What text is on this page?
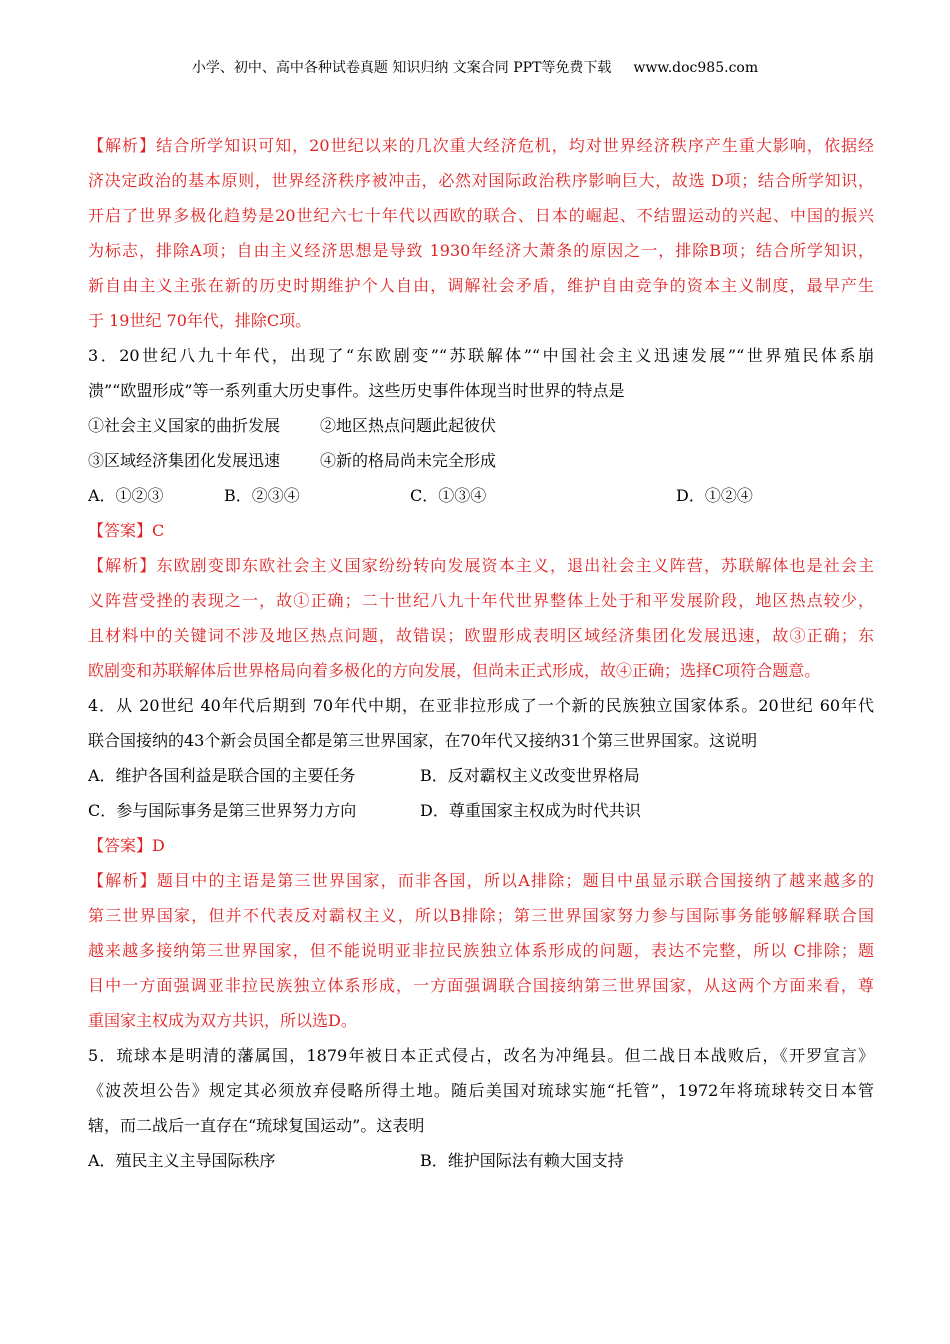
小学、初中、高中各种试卷真题 知识归纳 文案合同 PPT等免费下载 www.doc985.com
【解析】结合所学知识可知，20世纪以来的几次重大经济危机，均对世界经济秩序产生重大影响，依据经
济决定政治的基本原则，世界经济秩序被冲击，必然对国际政治秩序影响巨大，故选 D项；结合所学知识，
开启了世界多极化趋势是20世纪六七十年代以西欧的联合、日本的崛起、不结盟运动的兴起、中国的振兴
为标志，排除A项；自由主义经济思想是导致 1930年经济大萧条的原因之一，排除B项；结合所学知识，
新自由主义主张在新的历史时期维护个人自由，调解社会矛盾，维护自由竞争的资本主义制度，最早产生
于 19世纪 70年代，排除C项。
3．20世纪八九十年代，出现了“东欧剧变”“苏联解体”“中国社会主义迅速发展”“世界殖民体系崩
溃”“欧盟形成”等一系列重大历史事件。这些历史事件体现当时世界的特点是
①社会主义国家的曲折发展 ②地区热点问题此起彼伏
③区域经济集团化发展迅速 ④新的格局尚未完全形成
A．①②③	B．②③④	C．①③④	D．①②④
【答案】C
【解析】东欧剧变即东欧社会主义国家纷纷转向发展资本主义，退出社会主义阵营，苏联解体也是社会主
义阵营受挫的表现之一，故①正确；二十世纪八九十年代世界整体上处于和平发展阶段，地区热点较少，
且材料中的关键词不涉及地区热点问题，故错误；欧盟形成表明区域经济集团化发展迅速，故③正确；东
欧剧变和苏联解体后世界格局向着多极化的方向发展，但尚未正式形成，故④正确；选择C项符合题意。
4．从 20世纪 40年代后期到 70年代中期，在亚非拉形成了一个新的民族独立国家体系。20世纪 60年代
联合国接纳的43个新会员国全都是第三世界国家，在70年代又接纳31个第三世界国家。这说明
A．维护各国利益是联合国的主要任务	B．反对霸权主义改变世界格局
C．参与国际事务是第三世界努力方向	D．尊重国家主权成为时代共识
【答案】D
【解析】题目中的主语是第三世界国家，而非各国，所以A排除；题目中虽显示联合国接纳了越来越多的
第三世界国家，但并不代表反对霸权主义，所以B排除；第三世界国家努力参与国际事务能够解释联合国
越来越多接纳第三世界国家，但不能说明亚非拉民族独立体系形成的问题，表达不完整，所以 C排除；题
目中一方面强调亚非拉民族独立体系形成，一方面强调联合国接纳第三世界国家，从这两个方面来看，尊
重国家主权成为双方共识，所以选D。
5．琉球本是明清的藩属国，1879年被日本正式侵占，改名为冲绳县。但二战日本战败后，《开罗宣言》
《波茨坦公告》规定其必须放弃侵略所得土地。随后美国对琉球实施“托管”，1972年将琉球转交日本管
辖，而二战后一直存在“琉球复国运动”。这表明
A．殖民主义主导国际秩序	B．维护国际法有赖大国支持
